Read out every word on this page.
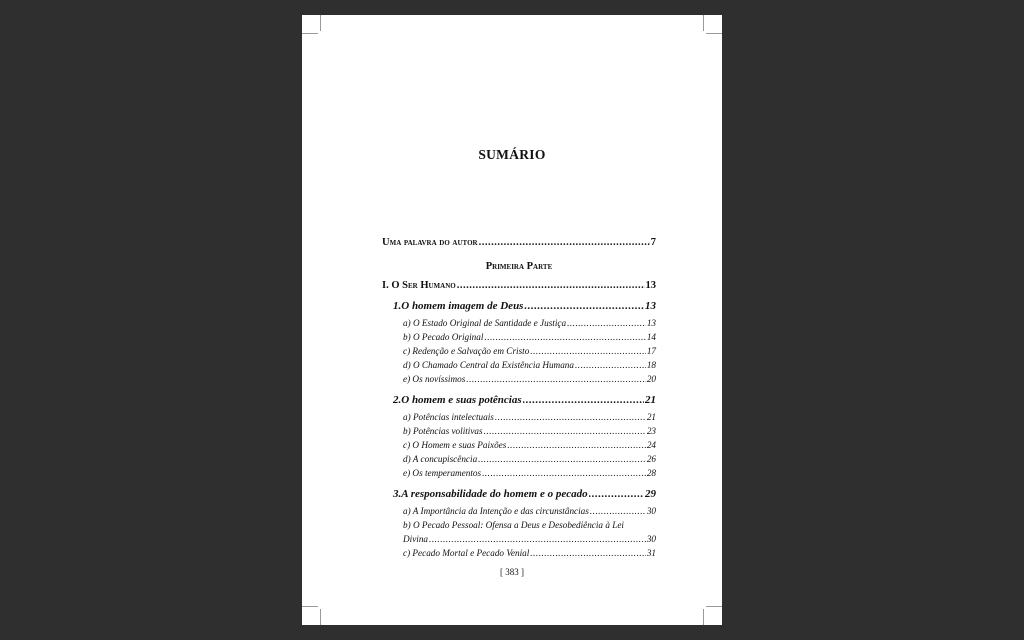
SUMÁRIO
Uma palavra do autor .....	7
Primeira Parte
I. O Ser Humano .....	13
1.O homem imagem de Deus .....	13
a) O Estado Original de Santidade e Justiça .....	13
b) O Pecado Original .....	14
c) Redenção e Salvação em Cristo .....	17
d) O Chamado Central da Existência Humana .....	18
e) Os novíssimos .....	20
2.O homem e suas potências .....	21
a) Potências intelectuais .....	21
b) Potências volitivas .....	23
c) O Homem e suas Paixões .....	24
d) A concupiscência .....	26
e) Os temperamentos .....	28
3.A responsabilidade do homem e o pecado .....	29
a) A Importância da Intenção e das circunstâncias .....	30
b) O Pecado Pessoal: Ofensa a Deus e Desobediência à Lei
Divina .....	30
c) Pecado Mortal e Pecado Venial .....	31
[ 383 ]
